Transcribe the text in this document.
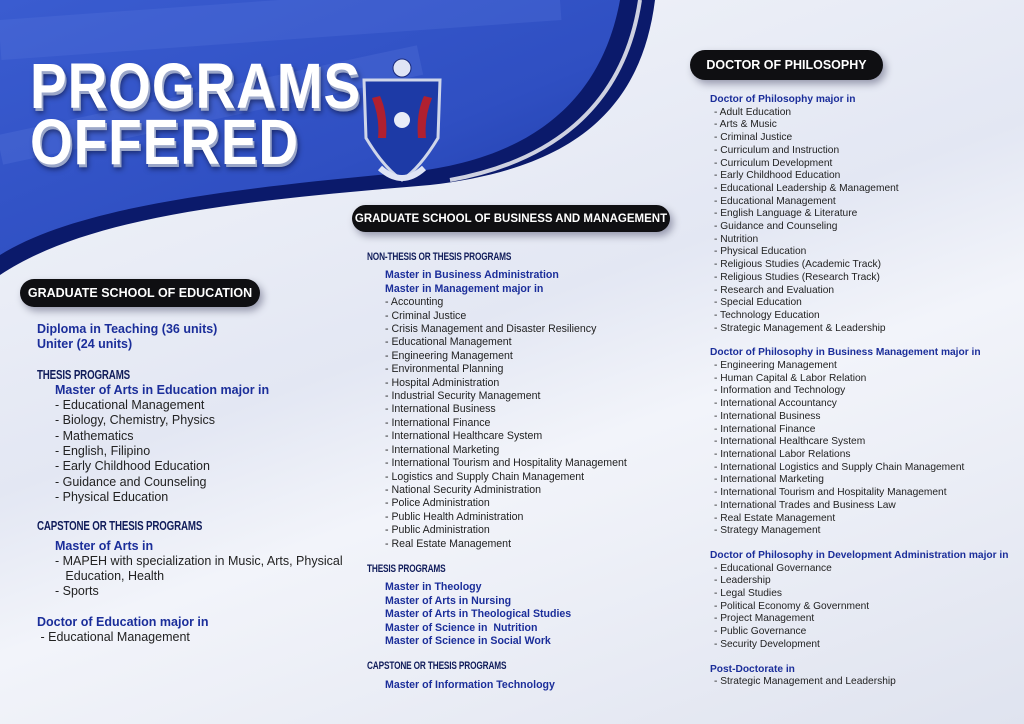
PROGRAMS
OFFERED
GRADUATE SCHOOL OF EDUCATION
GRADUATE SCHOOL OF BUSINESS AND MANAGEMENT
DOCTOR OF PHILOSOPHY
Diploma in Teaching (36 units)
Uniter (24 units)
THESIS PROGRAMS
Master of Arts in Education major in
- Educational Management
- Biology, Chemistry, Physics
- Mathematics
- English, Filipino
- Early Childhood Education
- Guidance and Counseling
- Physical Education
CAPSTONE OR THESIS PROGRAMS
Master of Arts in
- MAPEH with specialization in Music, Arts, Physical
Education, Health
- Sports
Doctor of Education major in
- Educational Management
NON-THESIS OR THESIS PROGRAMS
Master in Business Administration
Master in Management major in
- Accounting
- Criminal Justice
- Crisis Management and Disaster Resiliency
- Educational Management
- Engineering Management
- Environmental Planning
- Hospital Administration
- Industrial Security Management
- International Business
- International Finance
- International Healthcare System
- International Marketing
- International Tourism and Hospitality Management
- Logistics and Supply Chain Management
- National Security Administration
- Police Administration
- Public Health Administration
- Public Administration
- Real Estate Management
THESIS PROGRAMS
Master in Theology
Master of Arts in Nursing
Master of Arts in Theological Studies
Master of Science in  Nutrition
Master of Science in Social Work
CAPSTONE OR THESIS PROGRAMS
Master of Information Technology
Doctor of Philosophy major in
- Adult Education
- Arts & Music
- Criminal Justice
- Curriculum and Instruction
- Curriculum Development
- Early Childhood Education
- Educational Leadership & Management
- Educational Management
- English Language & Literature
- Guidance and Counseling
- Nutrition
- Physical Education
- Religious Studies (Academic Track)
- Religious Studies (Research Track)
- Research and Evaluation
- Special Education
- Technology Education
- Strategic Management & Leadership
Doctor of Philosophy in Business Management major in
- Engineering Management
- Human Capital & Labor Relation
- Information and Technology
- International Accountancy
- International Business
- International Finance
- International Healthcare System
- International Labor Relations
- International Logistics and Supply Chain Management
- International Marketing
- International Tourism and Hospitality Management
- International Trades and Business Law
- Real Estate Management
- Strategy Management
Doctor of Philosophy in Development Administration major in
- Educational Governance
- Leadership
- Legal Studies
- Political Economy & Government
- Project Management
- Public Governance
- Security Development
Post-Doctorate in
- Strategic Management and Leadership
